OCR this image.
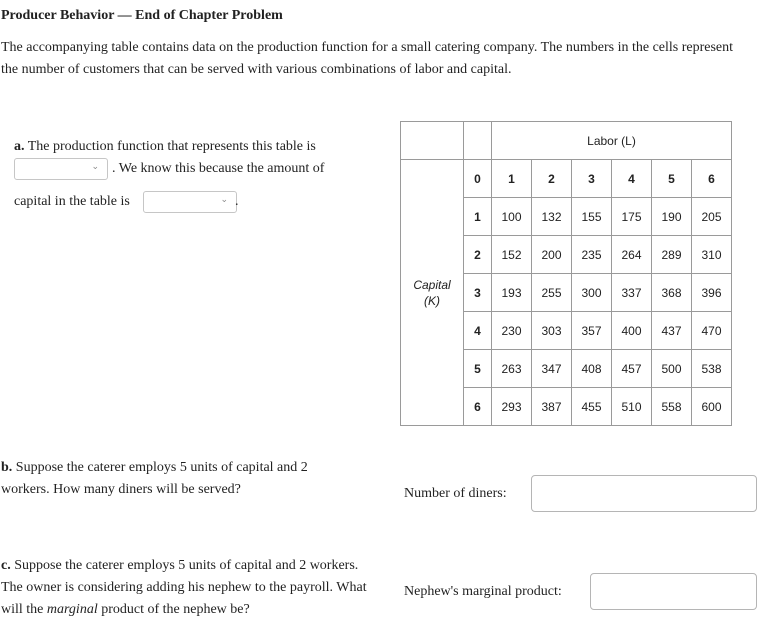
Producer Behavior — End of Chapter Problem
The accompanying table contains data on the production function for a small catering company. The numbers in the cells represent the number of customers that can be served with various combinations of labor and capital.
a. The production function that represents this table is
⌄ . We know this because the amount of
capital in the table is	⌄ .
		Labor (L)					

Capital
(K)	0	1	2	3	4	5	6
	1	100	132	155	175	190	205
	2	152	200	235	264	289	310
	3	193	255	300	337	368	396
	4	230	303	357	400	437	470
	5	263	347	408	457	500	538
	6	293	387	455	510	558	600
b. Suppose the caterer employs 5 units of capital and 2 workers. How many diners will be served?	Number of diners:
c. Suppose the caterer employs 5 units of capital and 2 workers. The owner is considering adding his nephew to the payroll. What will the marginal product of the nephew be?
Nephew's marginal product:
